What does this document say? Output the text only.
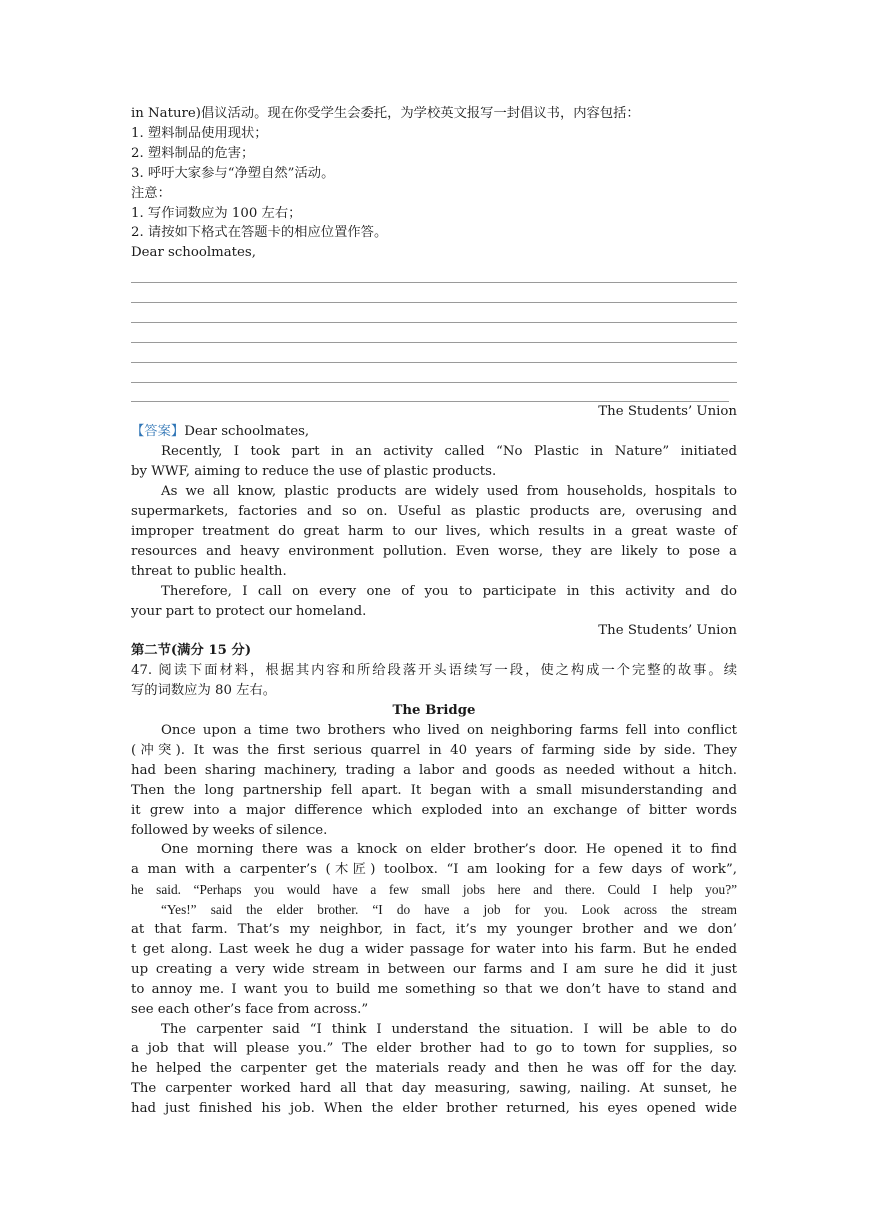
in Nature)倡议活动。现在你受学生会委托，为学校英文报写一封倡议书，内容包括：

1. 塑料制品使用现状；

2. 塑料制品的危害；

3. 呼吁大家参与“净塑自然”活动。

注意：

1. 写作词数应为 100 左右；

2. 请按如下格式在答题卡的相应位置作答。

Dear schoolmates,

The Students’ Union

【答案】Dear schoolmates,

Recently, I took part in an activity called “No Plastic in Nature” initiated

by WWF, aiming to reduce the use of plastic products.

As we all know, plastic products are widely used from households, hospitals to

supermarkets, factories and so on. Useful as plastic products are, overusing and

improper treatment do great harm to our lives, which results in a great waste of

resources and heavy environment pollution. Even worse, they are likely to pose a

threat to public health.

Therefore, I call on every one of you to participate in this activity and do

your part to protect our homeland.

The Students’ Union

第二节(满分 15 分)

47. 阅读下面材料，根据其内容和所给段落开头语续写一段，使之构成一个完整的故事。续

写的词数应为 80 左右。

The Bridge

Once upon a time two brothers who lived on neighboring farms fell into conflict

(冲突). It was the first serious quarrel in 40 years of farming side by side. They

had been sharing machinery, trading a labor and goods as needed without a hitch.

Then the long partnership fell apart. It began with a small misunderstanding and

it grew into a major difference which exploded into an exchange of bitter words

followed by weeks of silence.

One morning there was a knock on elder brother’s door. He opened it to find

a man with a carpenter’s (木匠) toolbox. “I am looking for a few days of work”,

he said. “Perhaps you would have a few small jobs here and there. Could I help you?”

“Yes!” said the elder brother. “I do have a job for you. Look across the stream

at that farm. That’s my neighbor, in fact, it’s my younger brother and we don’

t get along. Last week he dug a wider passage for water into his farm. But he ended

up creating a very wide stream in between our farms and I am sure he did it just

to annoy me. I want you to build me something so that we don’t have to stand and

see each other’s face from across.”

The carpenter said “I think I understand the situation. I will be able to do

a job that will please you.” The elder brother had to go to town for supplies, so

he helped the carpenter get the materials ready and then he was off for the day.

The carpenter worked hard all that day measuring, sawing, nailing. At sunset, he

had just finished his job. When the elder brother returned, his eyes opened wide
